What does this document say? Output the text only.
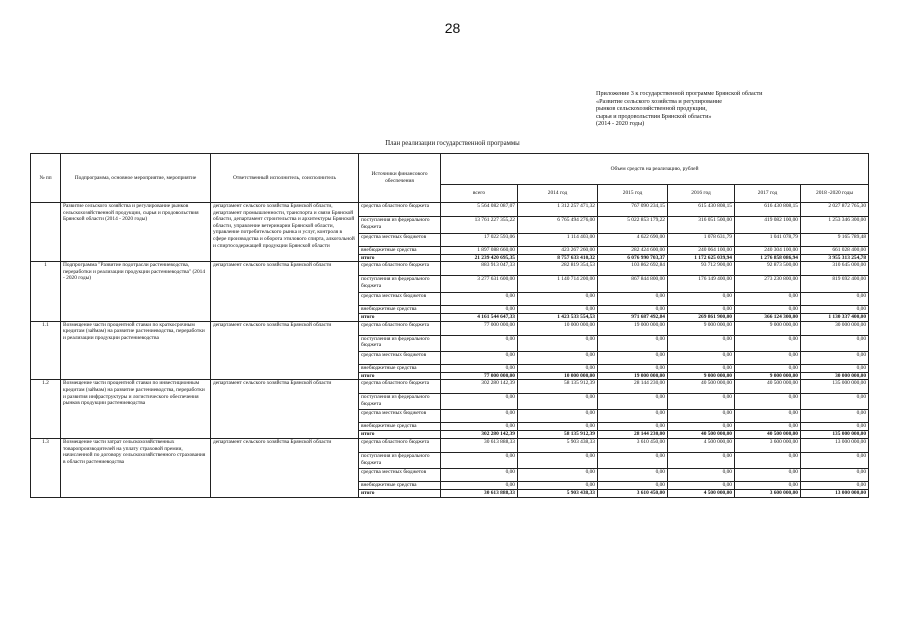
28
Приложение 3 к государственной программе Брянской области
«Развитие сельского хозяйства и регулирование
рынков сельскохозяйственной продукции,
сырья и продовольствия Брянской области»
(2014 - 2020 годы)
План реализации государственной программы
№ пп	Подпрограмма, основное мероприятие, мероприятие	Ответственный исполнитель, соисполнитель	Источники финансового обеспечения	Объем средств на реализацию, рублей					
				всего	2014 год	2015 год	2016 год	2017 год	2018 -2020 годы
	Развитие сельского хозяйства и регулирование рынков сельскохозяйственной продукции, сырья и продовольствия Брянской области (2014 - 2020 годы)	департамент сельского хозяйства Брянской области, департамент промышленности, транспорта и связи Брянской области, департамент строительства и архитектуры Брянской области, управление ветеринарии Брянской области, управление потребительского рынка и услуг, контроля в сфере производства и оборота этилового спирта, алкогольной и спиртосодержащей продукции Брянской области	средства областного бюджета	5 564 082 087,07	1 312 257 471,32	767 090 234,15	615 430 808,15	616 430 808,15	2 027 872 765,30
			поступления из федерального бюджета	13 761 227 355,22	6 765 494 276,00	5 022 853 179,22	316 051 500,00	419 082 100,00	1 253 346 300,00
			средства местных бюджетов	17 022 593,06	1 114 403,00	4 622 690,00	1 078 631,79	1 041 078,79	9 165 789,48
			внебюджетные средства	1 897 088 660,00	423 267 260,00	282 424 600,00	240 064 100,00	240 304 100,00	661 028 400,00
			итого	21 239 420 695,35	8 757 633 410,32	6 076 990 703,37	1 172 625 039,94	1 276 858 086,94	3 955 313 254,78
1	Подпрограмма "Развитие подотрасли растениеводства, переработки и реализации продукции растениеводства" (2014 - 2020 годы)	департамент сельского хозяйства Брянской области	средства областного бюджета	883 913 047,33	282 819 354,53	103 862 692,84	93 712 900,00	92 873 500,00	310 645 000,00
			поступления из федерального бюджета	3 277 631 600,00	1 140 714 200,00	867 844 800,00	176 149 400,00	273 230 800,00	819 692 400,00
			средства местных бюджетов	0,00	0,00	0,00	0,00	0,00	0,00
			внебюджетные средства	0,00	0,00	0,00	0,00	0,00	0,00
			итого	4 161 544 647,33	1 423 533 554,53	971 687 492,84	269 861 900,00	366 124 300,00	1 130 337 400,00
1.1	Возмещение части процентной ставки по краткосрочным кредитам (займам) на развитие растениеводства, переработки и реализации продукции растениеводства	департамент сельского хозяйства Брянской области	средства областного бюджета	77 000 000,00	10 000 000,00	19 000 000,00	9 000 000,00	9 000 000,00	30 000 000,00
			поступления из федерального бюджета	0,00	0,00	0,00	0,00	0,00	0,00
			средства местных бюджетов	0,00	0,00	0,00	0,00	0,00	0,00
			внебюджетные средства	0,00	0,00	0,00	0,00	0,00	0,00
			итого	77 000 000,00	10 000 000,00	19 000 000,00	9 000 000,00	9 000 000,00	30 000 000,00
1.2	Возмещение части процентной ставки по инвестиционным кредитам (займам) на развитие растениеводства, переработки и развития инфраструктуры и логистического обеспечения рынков продукции растениеводства	департамент сельского хозяйства Брянской области	средства областного бюджета	302 280 142,39	58 135 912,39	28 144 230,00	40 500 000,00	40 500 000,00	135 000 000,00
			поступления из федерального бюджета	0,00	0,00	0,00	0,00	0,00	0,00
			средства местных бюджетов	0,00	0,00	0,00	0,00	0,00	0,00
			внебюджетные средства	0,00	0,00	0,00	0,00	0,00	0,00
			итого	302 280 142,39	58 135 912,39	28 144 230,00	40 500 000,00	40 500 000,00	135 000 000,00
1.3	Возмещение части затрат сельскохозяйственных товаропроизводителей на уплату страховой премии, начисленной по договору сельскохозяйственного страхования в области растениеводства	департамент сельского хозяйства Брянской области	средства областного бюджета	30 613 888,33	5 903 438,33	3 610 450,00	4 500 000,00	3 600 000,00	13 000 000,00
			поступления из федерального бюджета	0,00	0,00	0,00	0,00	0,00	0,00
			средства местных бюджетов	0,00	0,00	0,00	0,00	0,00	0,00
			внебюджетные средства	0,00	0,00	0,00	0,00	0,00	0,00
			итого	30 613 888,33	5 903 438,33	3 610 450,00	4 500 000,00	3 600 000,00	13 000 000,00
